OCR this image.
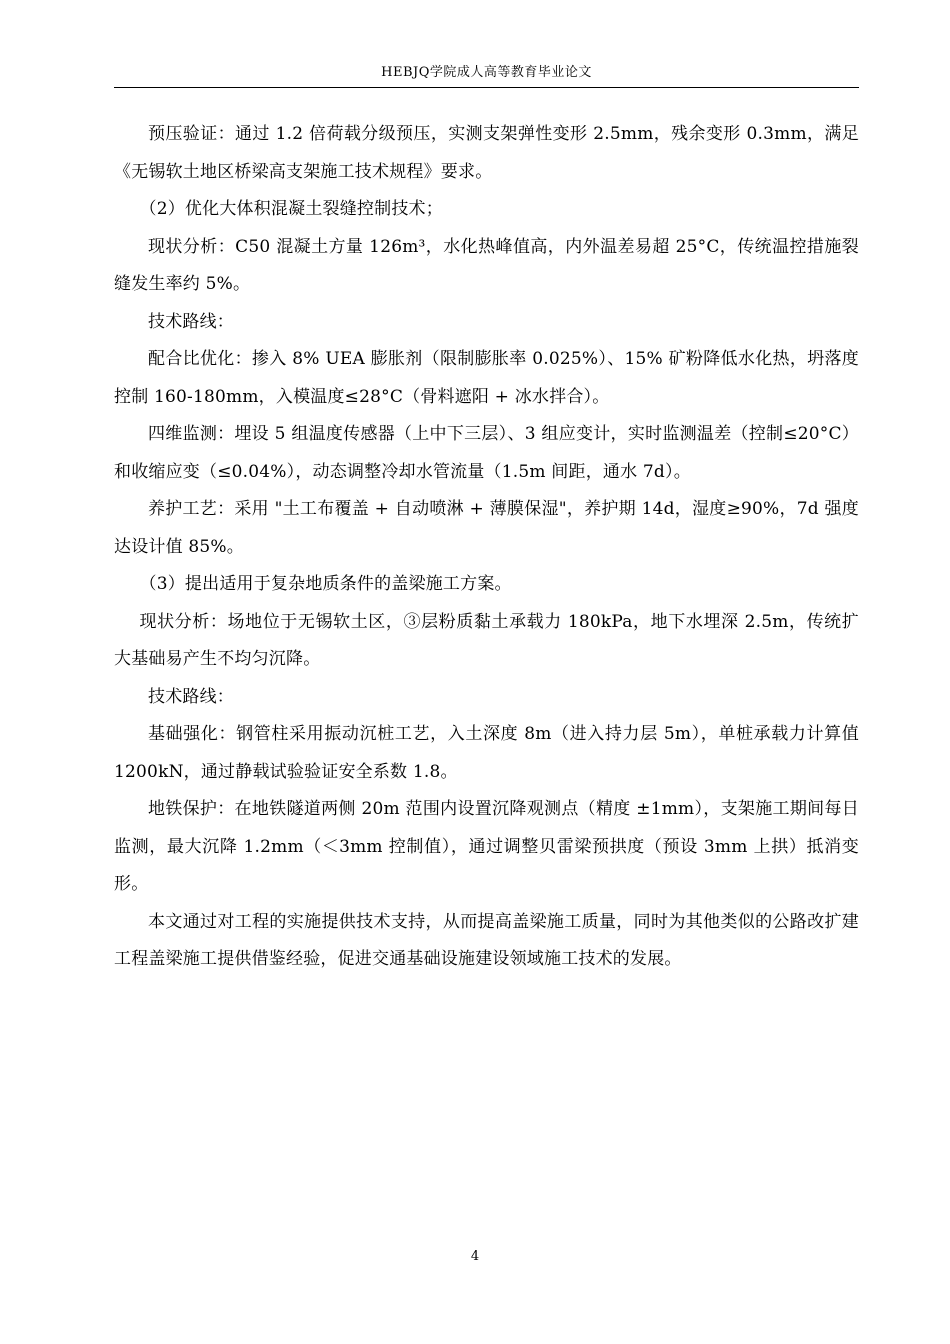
HEBJQ学院成人高等教育毕业论文

预压验证：通过 1.2 倍荷载分级预压，实测支架弹性变形 2.5mm，残余变形 0.3mm，满足《无锡软土地区桥梁高支架施工技术规程》要求。

（2）优化大体积混凝土裂缝控制技术；

现状分析：C50 混凝土方量 126m³，水化热峰值高，内外温差易超 25°C，传统温控措施裂缝发生率约 5%。

技术路线：

配合比优化：掺入 8% UEA 膨胀剂（限制膨胀率 0.025%）、15% 矿粉降低水化热，坍落度控制 160-180mm，入模温度≤28°C（骨料遮阳 + 冰水拌合）。

四维监测：埋设 5 组温度传感器（上中下三层）、3 组应变计，实时监测温差（控制≤20°C）和收缩应变（≤0.04%），动态调整冷却水管流量（1.5m 间距，通水 7d）。

养护工艺：采用 "土工布覆盖 + 自动喷淋 + 薄膜保湿"，养护期 14d，湿度≥90%，7d 强度达设计值 85%。

（3）提出适用于复杂地质条件的盖梁施工方案。

现状分析：场地位于无锡软土区，③层粉质黏土承载力 180kPa，地下水埋深 2.5m，传统扩大基础易产生不均匀沉降。

技术路线：

基础强化：钢管柱采用振动沉桩工艺，入土深度 8m（进入持力层 5m），单桩承载力计算值 1200kN，通过静载试验验证安全系数 1.8。

地铁保护：在地铁隧道两侧 20m 范围内设置沉降观测点（精度 ±1mm），支架施工期间每日监测，最大沉降 1.2mm（＜3mm 控制值），通过调整贝雷梁预拱度（预设 3mm 上拱）抵消变形。

本文通过对工程的实施提供技术支持，从而提高盖梁施工质量，同时为其他类似的公路改扩建工程盖梁施工提供借鉴经验，促进交通基础设施建设领域施工技术的发展。

4
